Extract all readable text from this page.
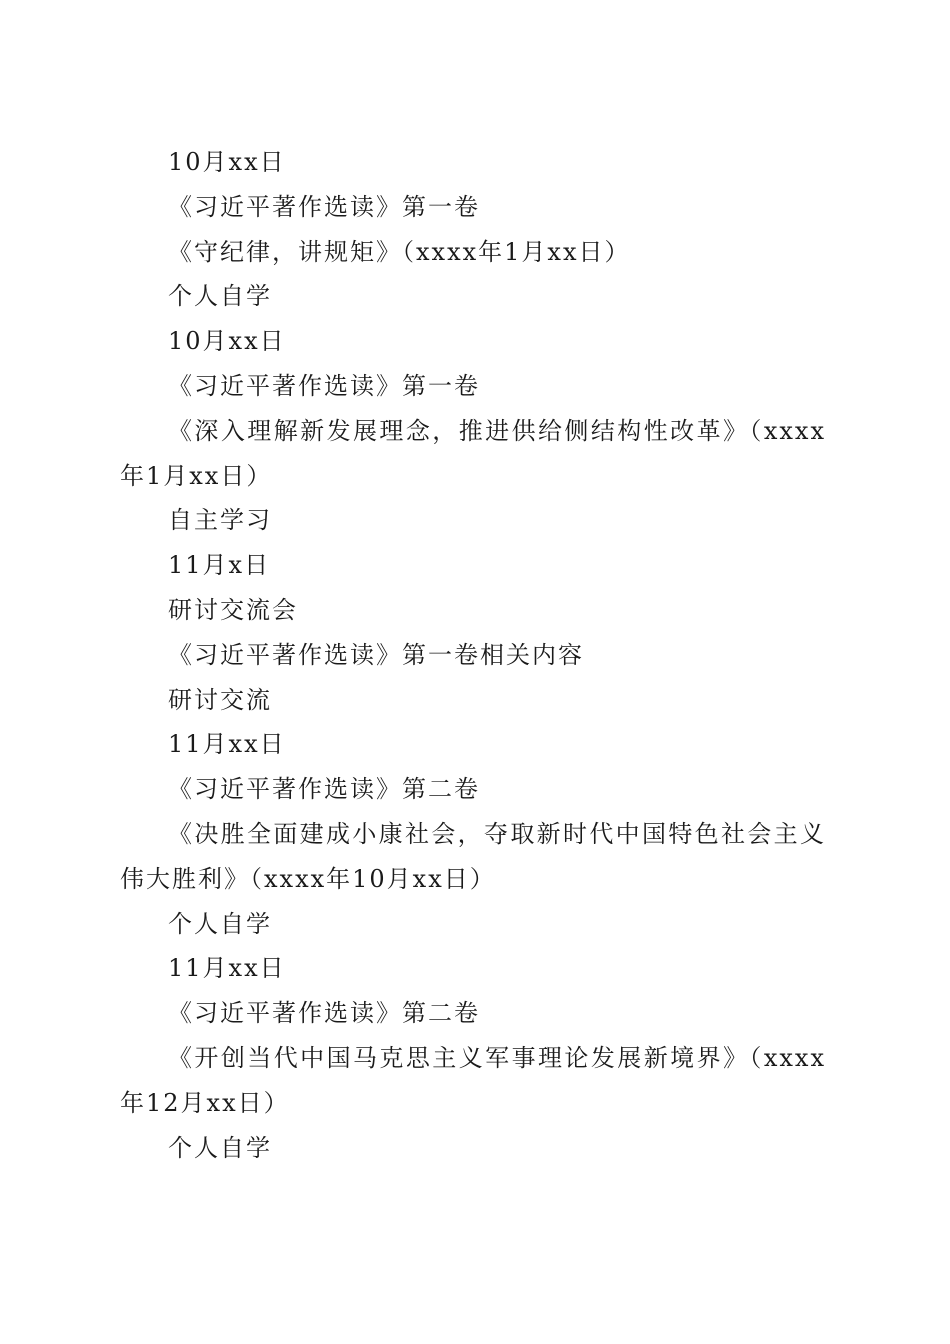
10月xx日

《习近平著作选读》第一卷

《守纪律，讲规矩》（xxxx年1月xx日）

个人自学

10月xx日

《习近平著作选读》第一卷

《深入理解新发展理念，推进供给侧结构性改革》（xxxx年1月xx日）

自主学习

11月x日

研讨交流会

《习近平著作选读》第一卷相关内容

研讨交流

11月xx日

《习近平著作选读》第二卷

《决胜全面建成小康社会，夺取新时代中国特色社会主义伟大胜利》（xxxx年10月xx日）

个人自学

11月xx日

《习近平著作选读》第二卷

《开创当代中国马克思主义军事理论发展新境界》（xxxx年12月xx日）

个人自学
